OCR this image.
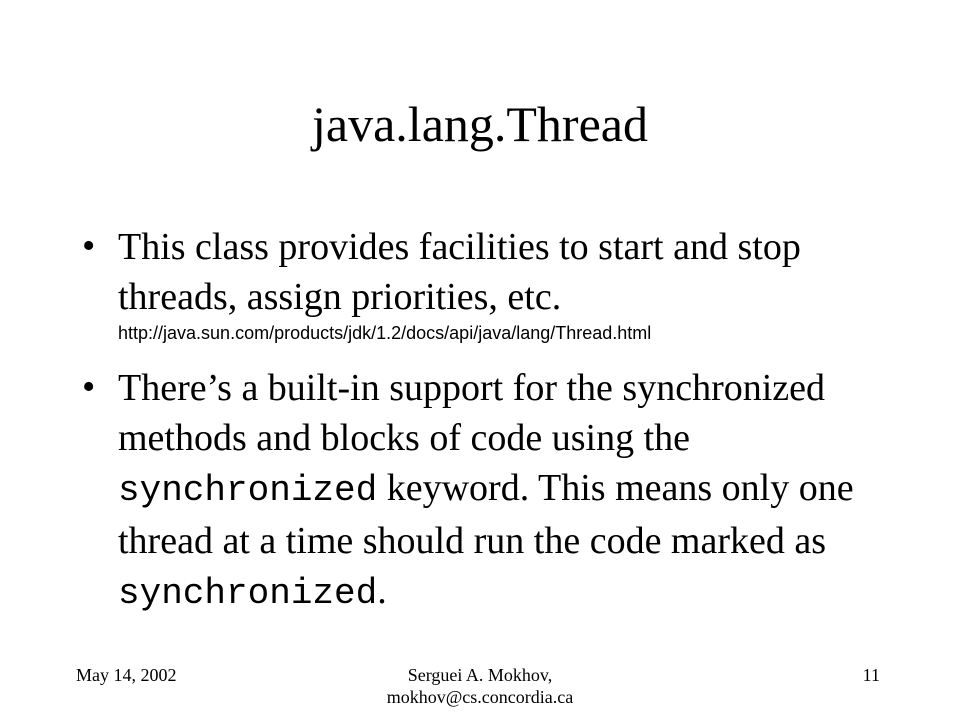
java.lang.Thread
• This class provides facilities to start and stop threads, assign priorities, etc.
http://java.sun.com/products/jdk/1.2/docs/api/java/lang/Thread.html
• There’s a built-in support for the synchronized methods and blocks of code using the synchronized keyword. This means only one thread at a time should run the code marked as synchronized.
May 14, 2002	Serguei A. Mokhov,
mokhov@cs.concordia.ca
11
